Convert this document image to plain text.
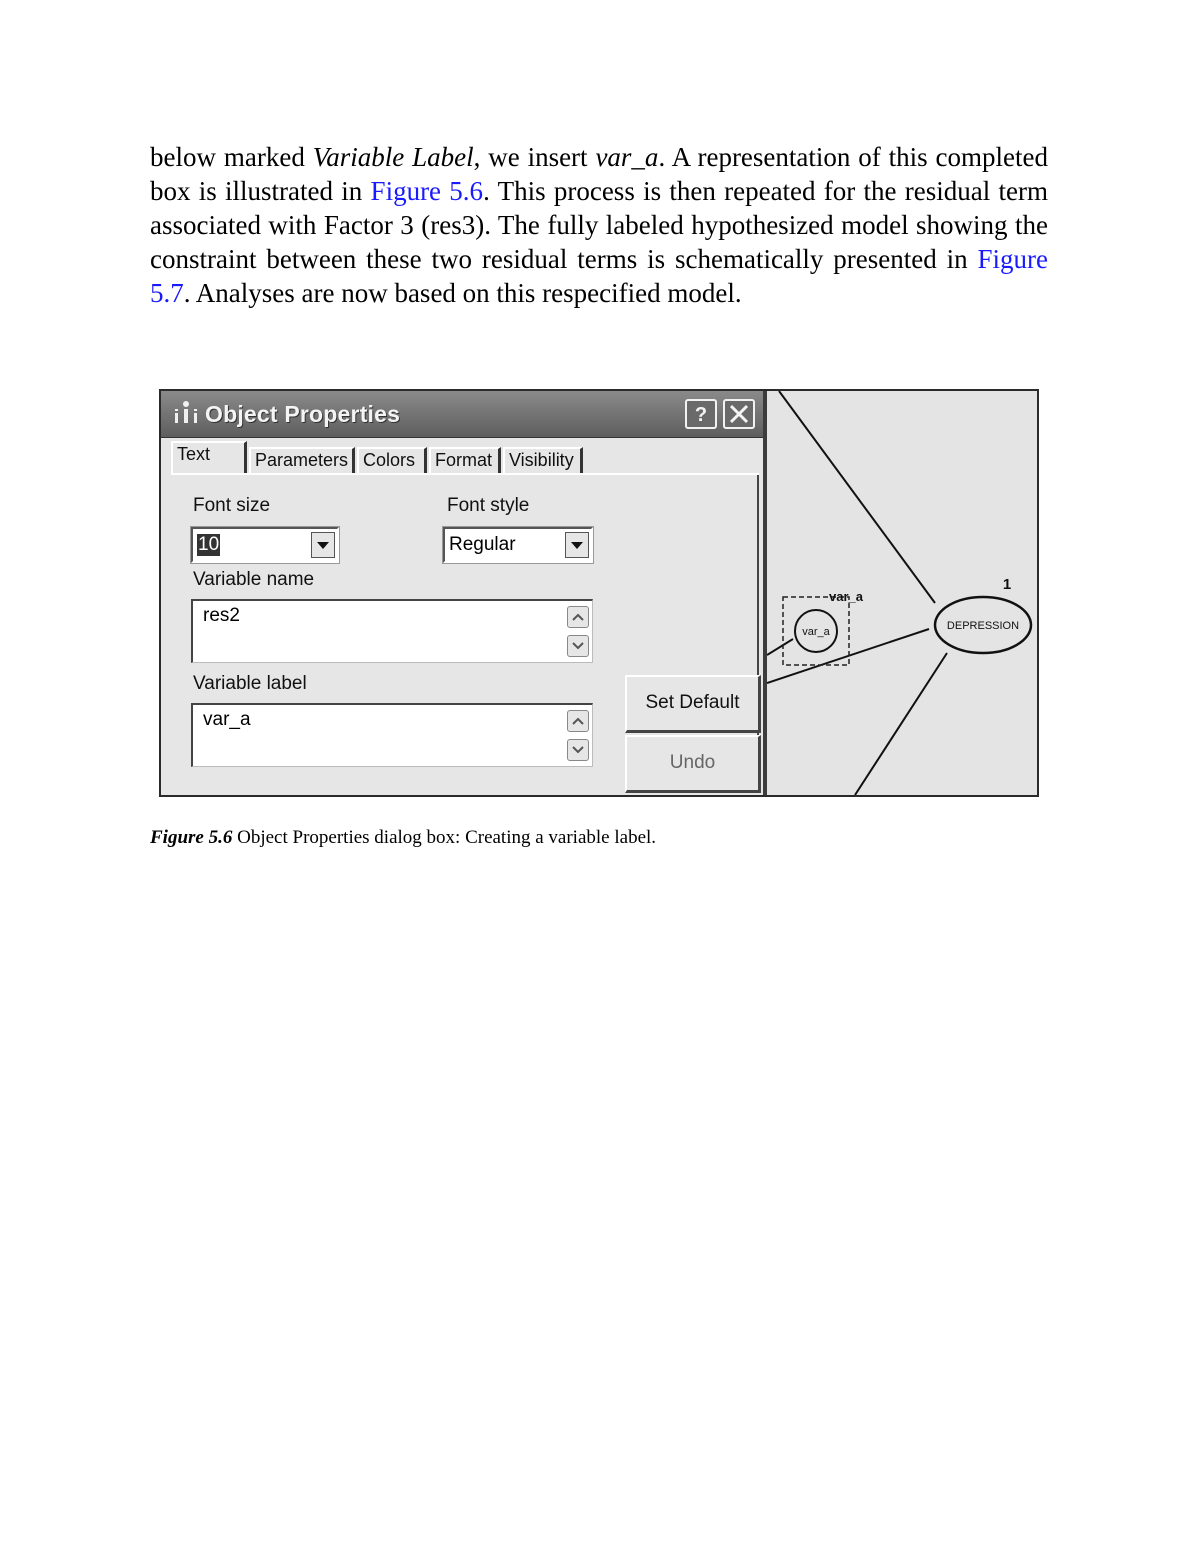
below marked Variable Label, we insert var_a. A representation of this completed box is illustrated in Figure 5.6. This process is then repeated for the residual term associated with Factor 3 (res3). The fully labeled hypothesized model showing the constraint between these two residual terms is schematically presented in Figure 5.7. Analyses are now based on this respecified model.

Object Properties	?
Text	Parameters Colors	Format Visibility
Font size
10
Font style
Regular
Variable name
res2
Variable label
var_a
Set Default
Undo
var_a
var_a	DEPRESSION
1
Figure 5.6 Object Properties dialog box: Creating a variable label.
